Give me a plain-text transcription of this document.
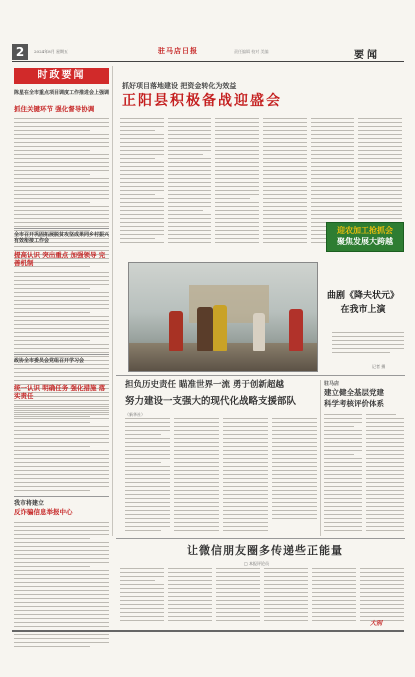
2	2024年8月 星期五	驻马店日报	责任编辑 校对 美编	要闻
时政要闻
陈星在全市重点项目调度工作推进会上强调
抓住关键环节 强化督导协调
全市召开巩固拓展脱贫攻坚成果同乡村振兴有效衔接工作会
提高认识 突出重点 加强领导 完善机制
政协全市委员会党组召开学习会
统一认识 明确任务 强化措施 落实责任
我市将建立
反诈骗信息举报中心
抓好项目落地建设 把资金转化为效益
正阳县积极备战迎盛会
迎农加工抢抓会
聚焦发展大跨越
曲剧《降夫状元》
在我市上演
记者 摄
担负历史责任 瞄准世界一流 勇于创新超越
努力建设一支强大的现代化战略支援部队
（新华社）
驻马店
建立健全基层党建
科学考核评价体系
让微信朋友圈多传递些正能量
□ 本报评论员
大别
